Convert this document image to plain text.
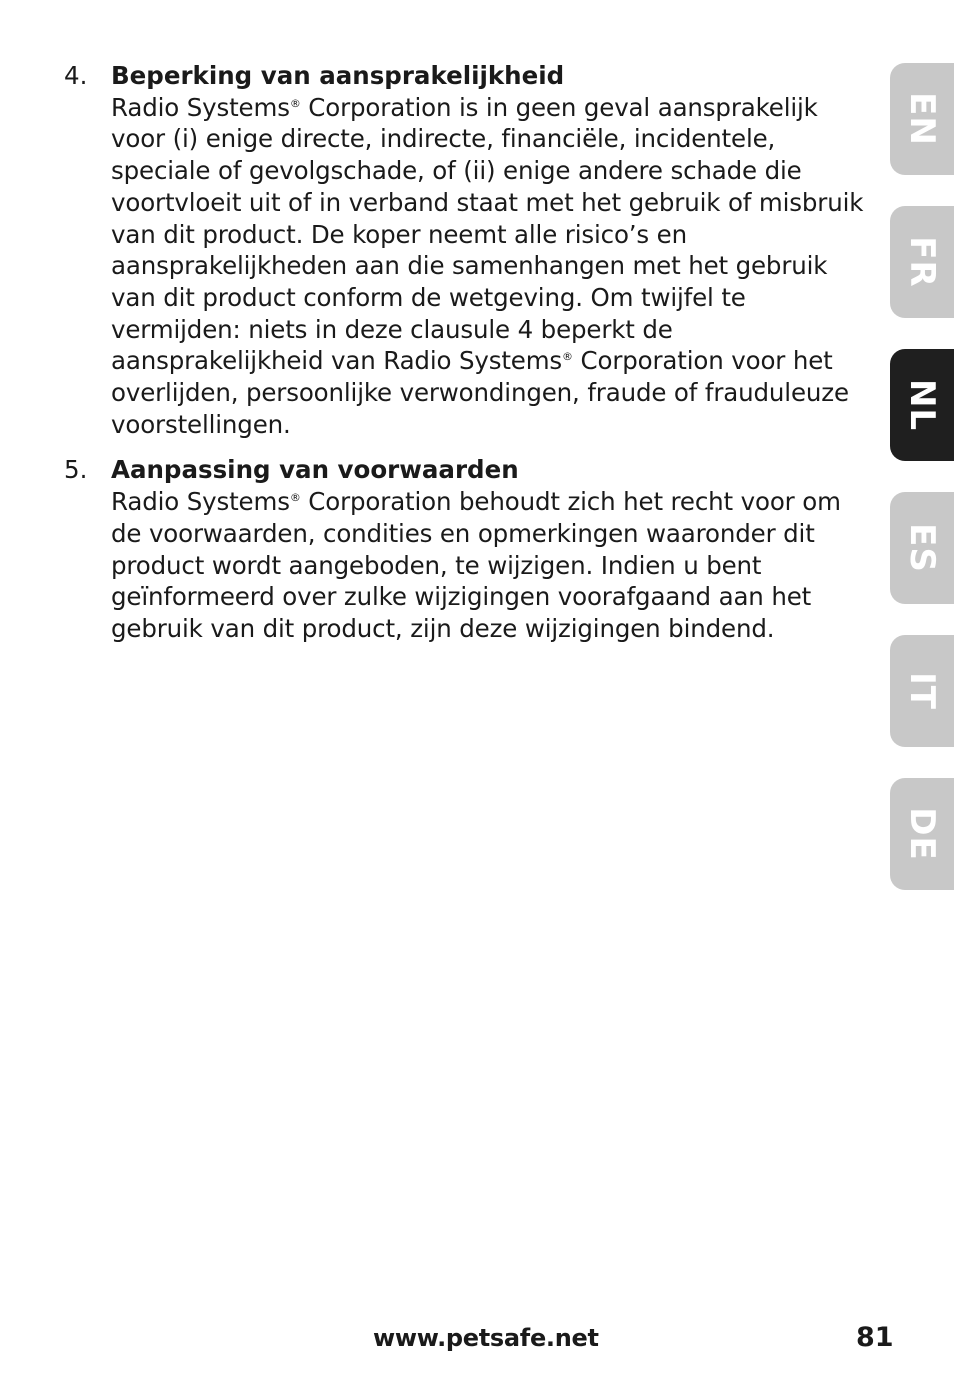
4. Beperking van aansprakelijkheid
Radio Systems® Corporation is in geen geval aansprakelijk voor (i) enige directe, indirecte, financiële, incidentele, speciale of gevolgschade, of (ii) enige andere schade die voortvloeit uit of in verband staat met het gebruik of misbruik van dit product. De koper neemt alle risico’s en aansprakelijkheden aan die samenhangen met het gebruik van dit product conform de wetgeving. Om twijfel te vermijden: niets in deze clausule 4 beperkt de aansprakelijkheid van Radio Systems® Corporation voor het overlijden, persoonlijke verwondingen, fraude of frauduleuze voorstellingen.
5. Aanpassing van voorwaarden
Radio Systems® Corporation behoudt zich het recht voor om de voorwaarden, condities en opmerkingen waaronder dit product wordt aangeboden, te wijzigen. Indien u bent geïnformeerd over zulke wijzigingen voorafgaand aan het gebruik van dit product, zijn deze wijzigingen bindend.
EN
FR
NL
ES
IT
DE
www.petsafe.net	81
